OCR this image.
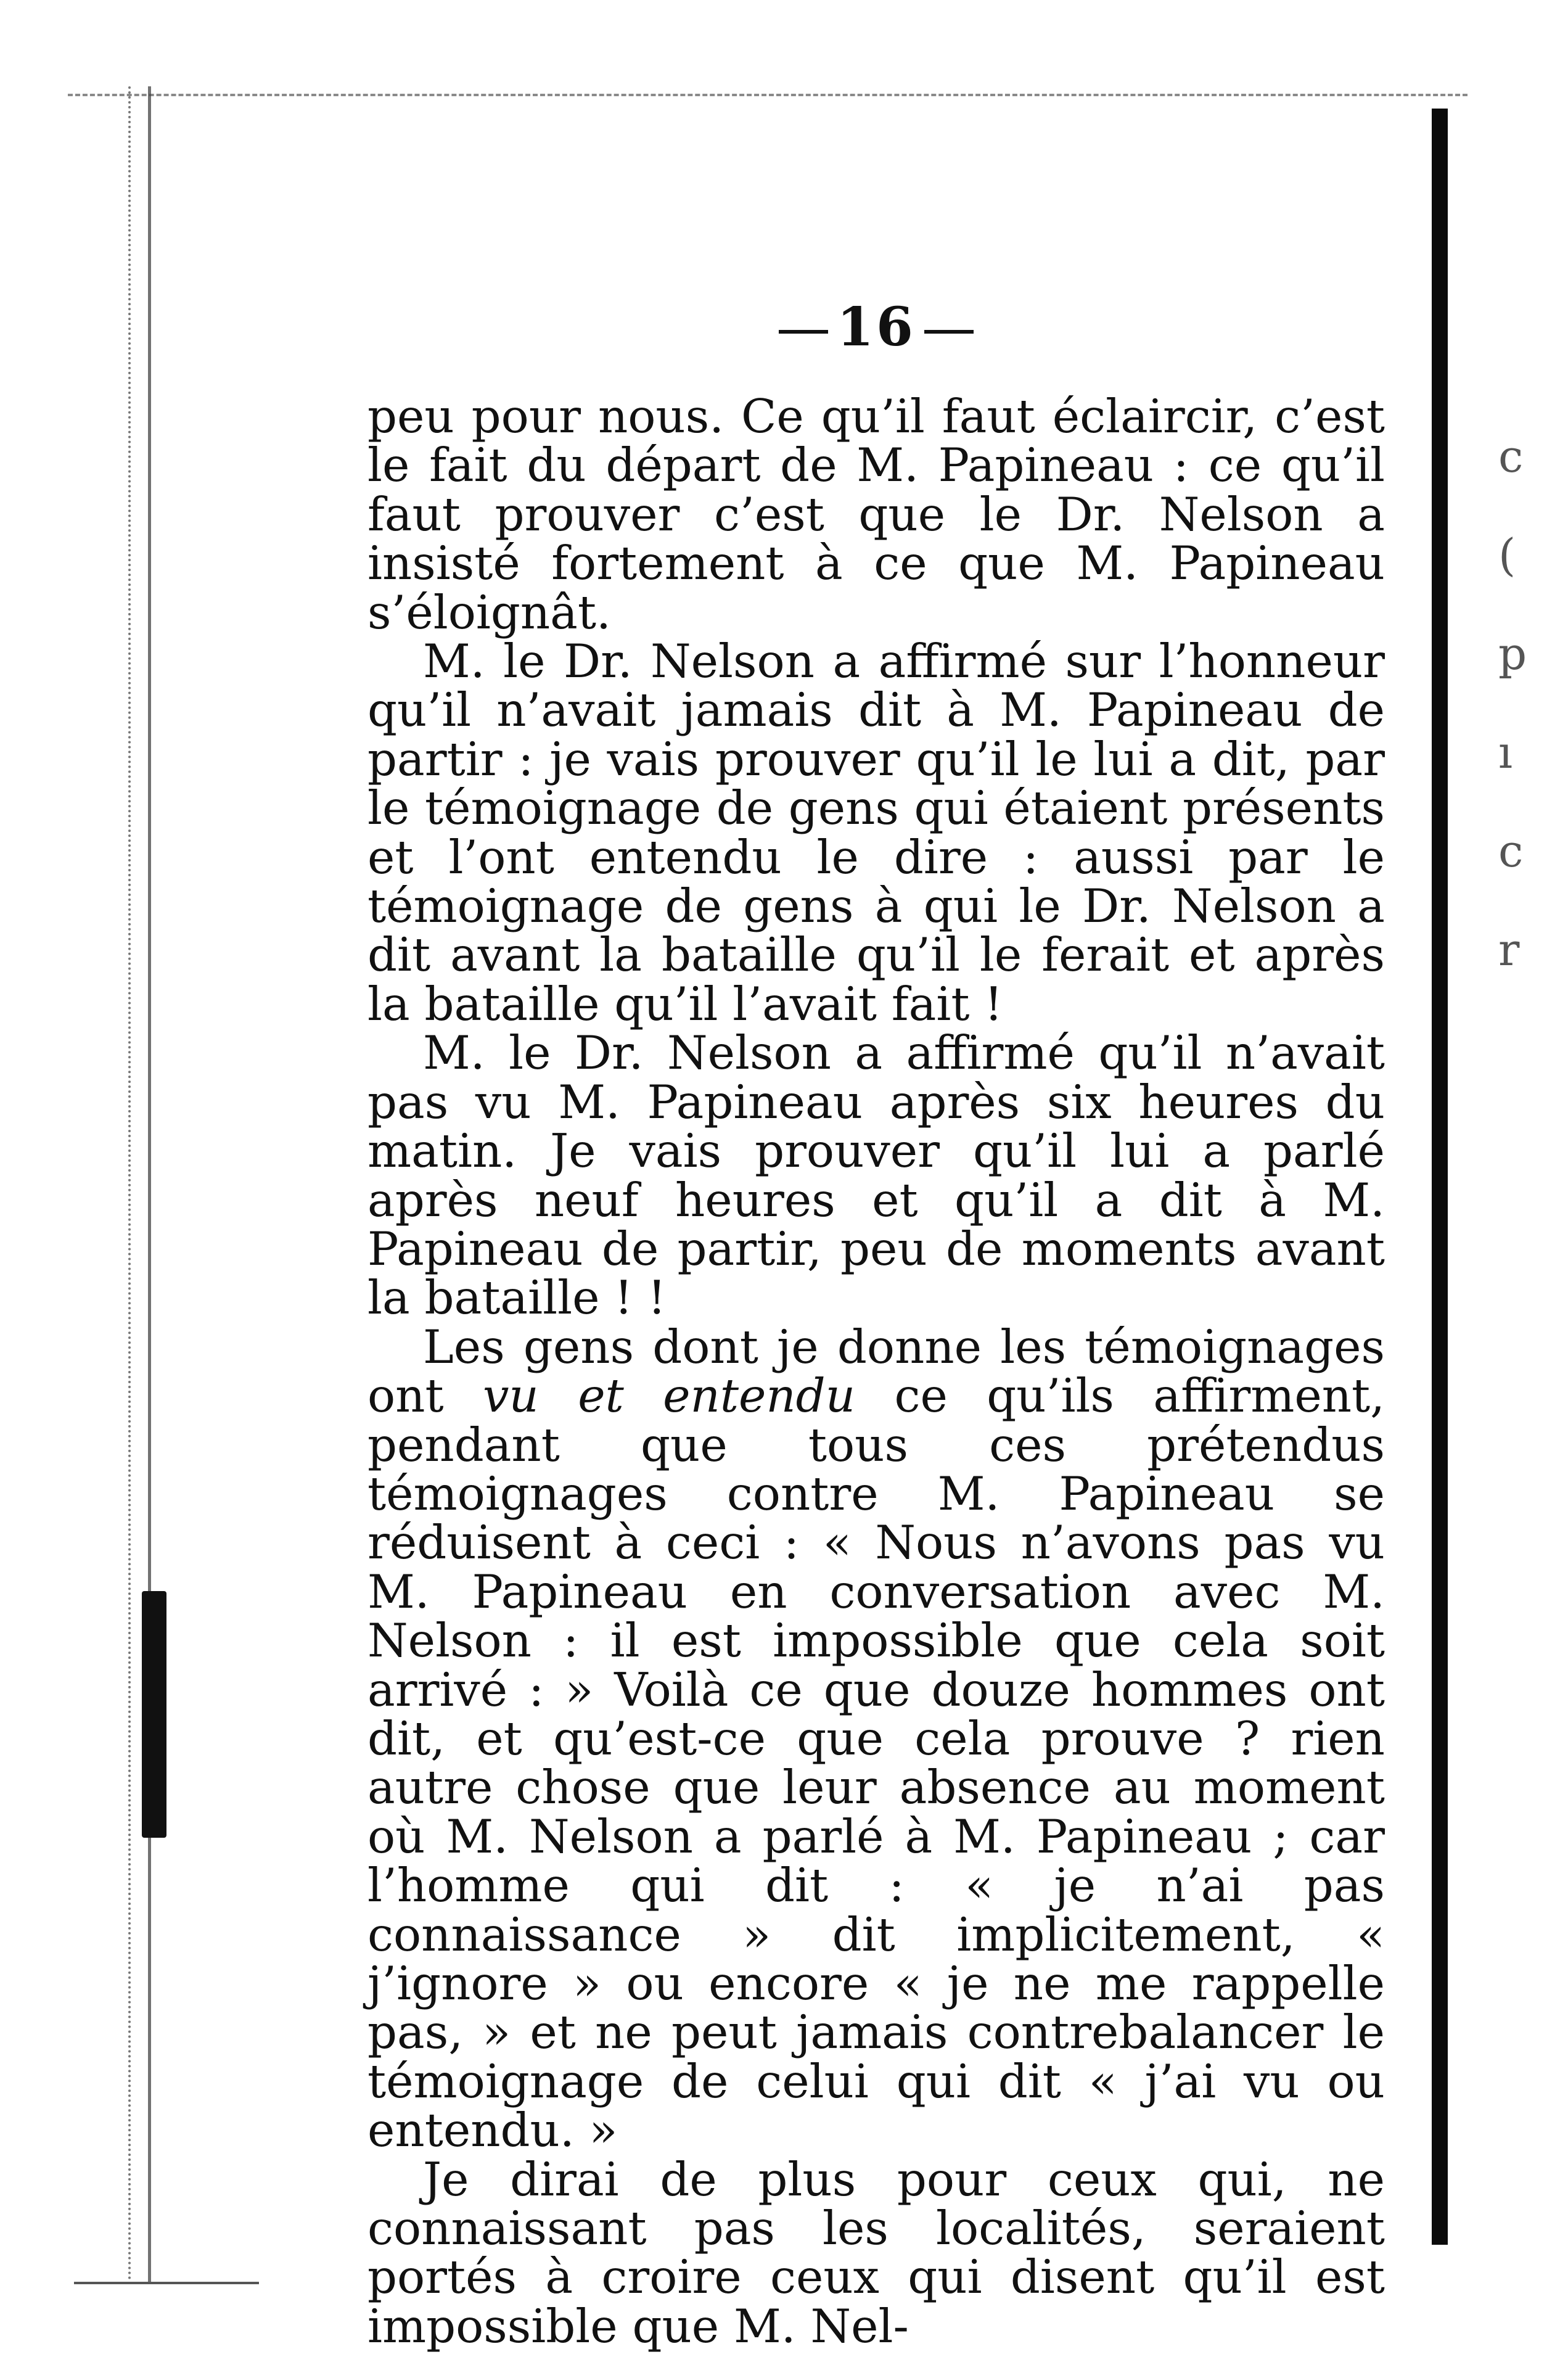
c
(
p
ı
c
r
16

peu pour nous. Ce qu’il faut éclaircir, c’est le fait du départ de M. Papineau : ce qu’il faut prouver c’est que le Dr. Nelson a insisté fortement à ce que M. Papineau s’éloignât.

M. le Dr. Nelson a affirmé sur l’honneur qu’il n’avait jamais dit à M. Papineau de partir : je vais prouver qu’il le lui a dit, par le témoignage de gens qui étaient présents et l’ont entendu le dire : aussi par le témoignage de gens à qui le Dr. Nelson a dit avant la bataille qu’il le ferait et après la bataille qu’il l’avait fait !

M. le Dr. Nelson a affirmé qu’il n’avait pas vu M. Papineau après six heures du matin. Je vais prouver qu’il lui a parlé après neuf heures et qu’il a dit à M. Papineau de partir, peu de moments avant la bataille ! !

Les gens dont je donne les témoignages ont vu et entendu ce qu’ils affirment, pendant que tous ces prétendus témoignages contre M. Papineau se réduisent à ceci : « Nous n’avons pas vu M. Papineau en conversation avec M. Nelson : il est impossible que cela soit arrivé : » Voilà ce que douze hommes ont dit, et qu’est-ce que cela prouve ? rien autre chose que leur absence au moment où M. Nelson a parlé à M. Papineau ; car l’homme qui dit : « je n’ai pas connaissance » dit implicitement, « j’ignore » ou encore « je ne me rappelle pas, » et ne peut jamais contrebalancer le témoignage de celui qui dit « j’ai vu ou entendu. »

Je dirai de plus pour ceux qui, ne connaissant pas les localités, seraient portés à croire ceux qui disent qu’il est impossible que M. Nel-
